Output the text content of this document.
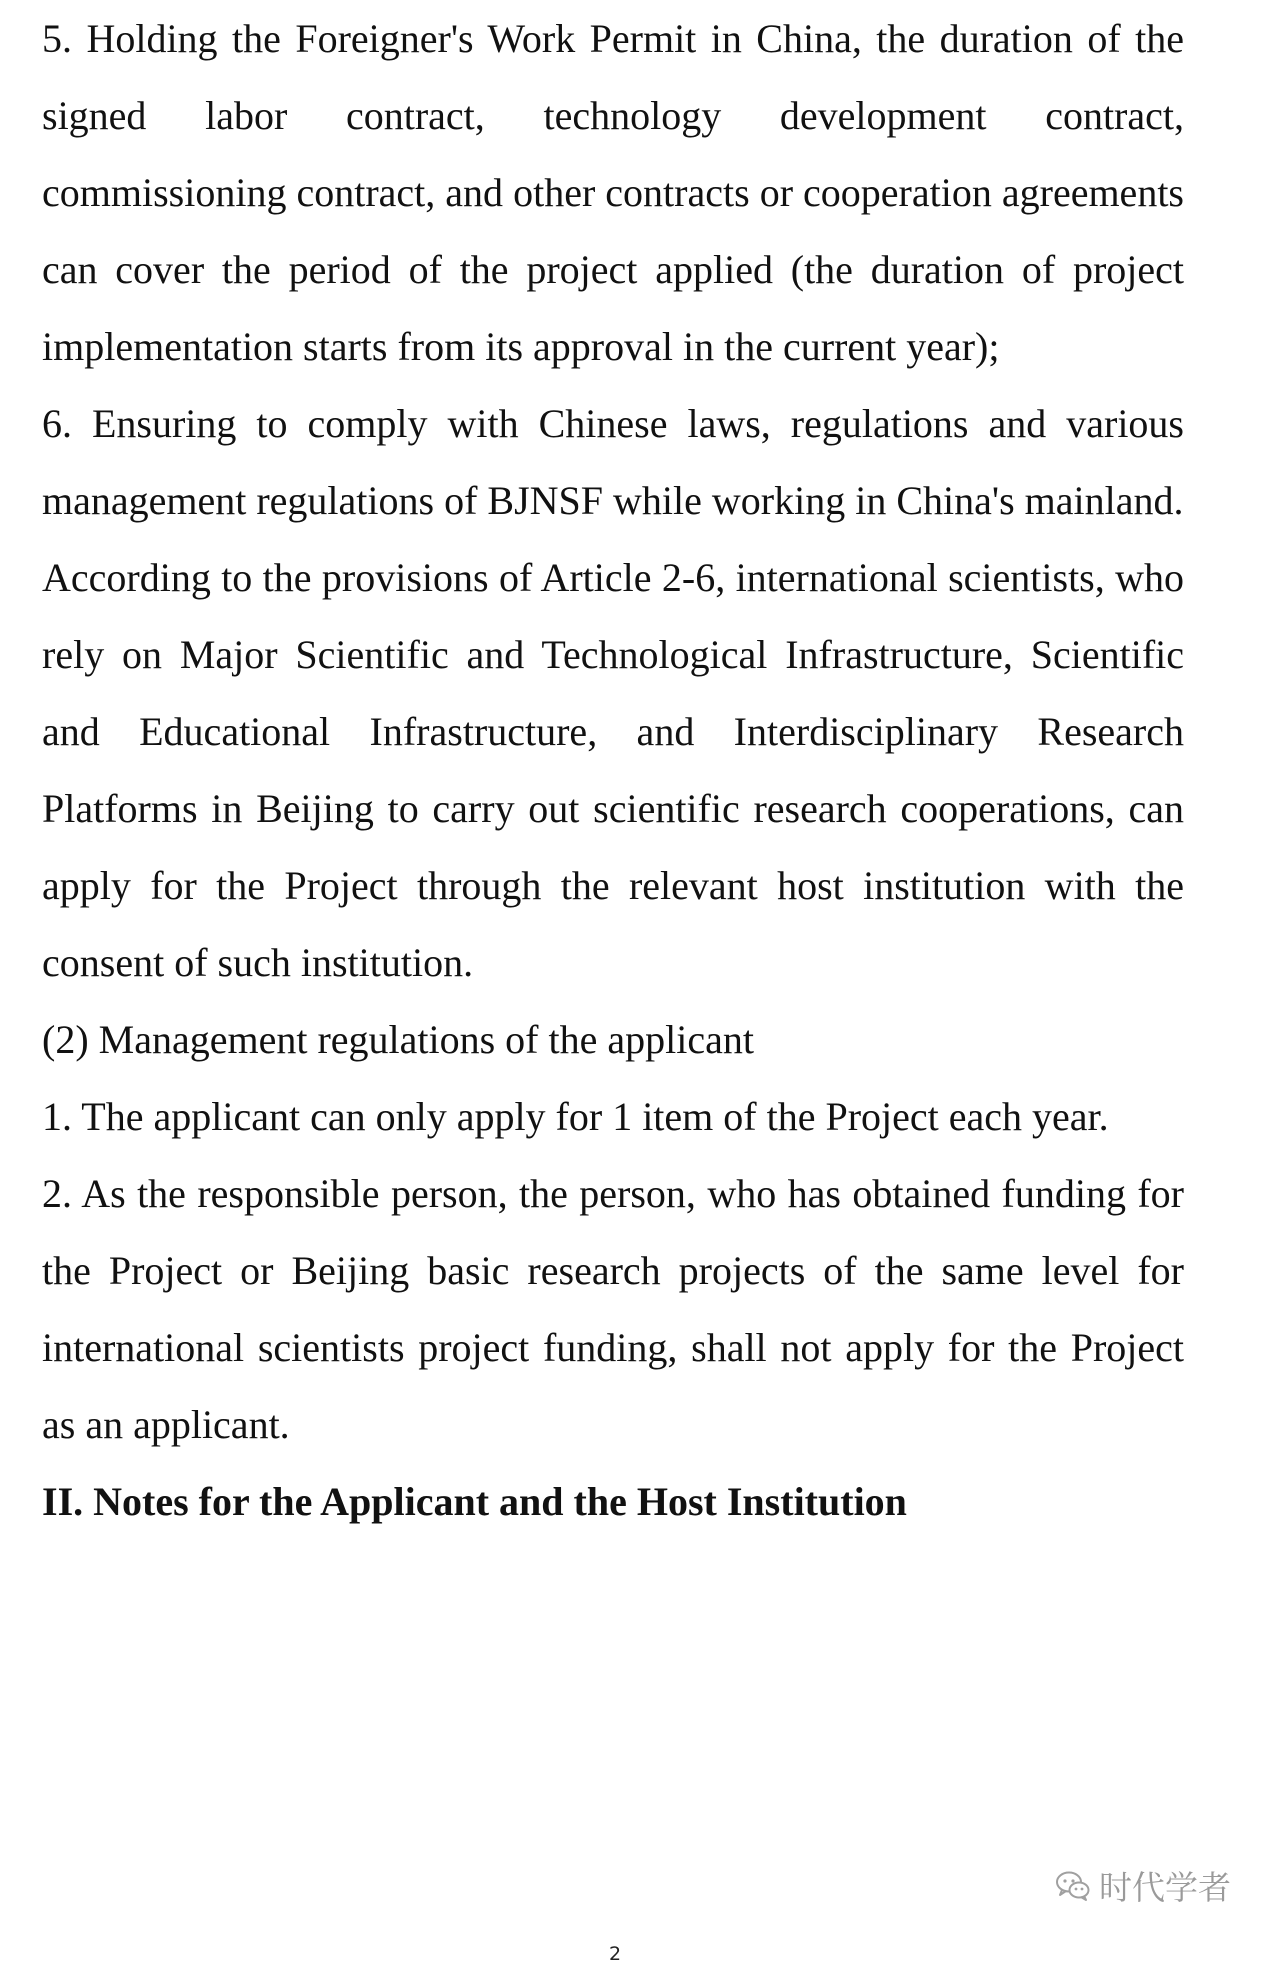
5. Holding the Foreigner's Work Permit in China, the duration of the signed labor contract, technology development contract, commissioning contract, and other contracts or cooperation agreements can cover the period of the project applied (the duration of project implementation starts from its approval in the current year);

6. Ensuring to comply with Chinese laws, regulations and various management regulations of BJNSF while working in China's mainland.

According to the provisions of Article 2-6, international scientists, who rely on Major Scientific and Technological Infrastructure, Scientific and Educational Infrastructure, and Interdisciplinary Research Platforms in Beijing to carry out scientific research cooperations, can apply for the Project through the relevant host institution with the consent of such institution.

(2) Management regulations of the applicant

1. The applicant can only apply for 1 item of the Project each year.

2. As the responsible person, the person, who has obtained funding for the Project or Beijing basic research projects of the same level for international scientists project funding, shall not apply for the Project as an applicant.

II. Notes for the Applicant and the Host Institution

时代学者
2
